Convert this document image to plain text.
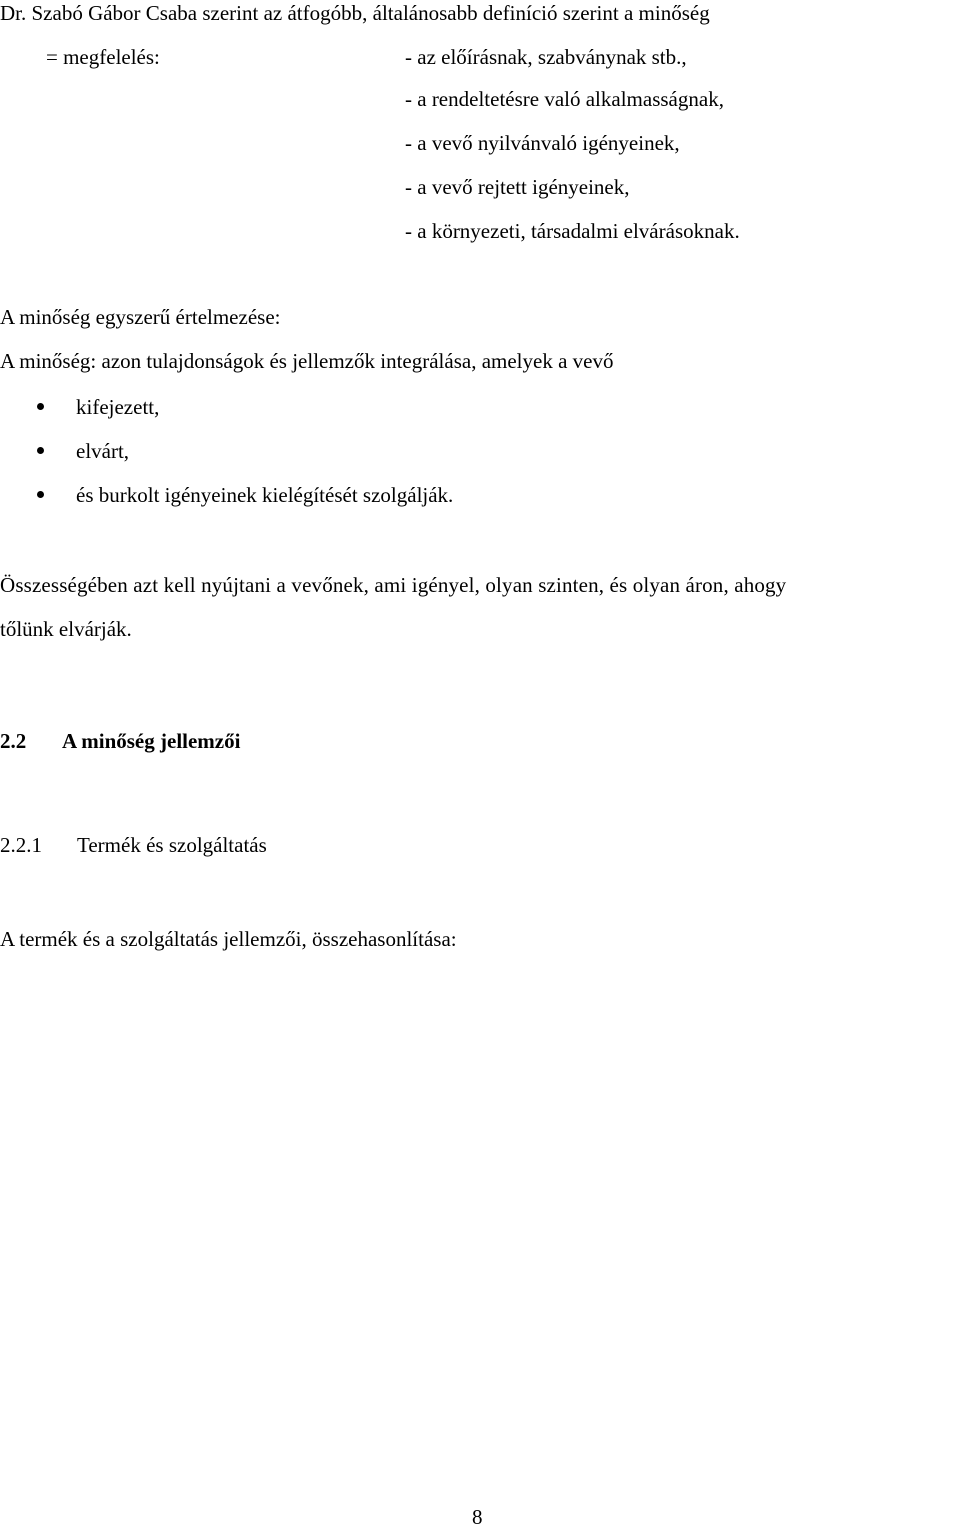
Dr. Szabó Gábor Csaba szerint az átfogóbb, általánosabb definíció szerint a minőség
= megfelelés:	- az előírásnak, szabványnak stb.,
- a rendeltetésre való alkalmasságnak,
- a vevő nyilvánvaló igényeinek,
- a vevő rejtett igényeinek,
- a környezeti, társadalmi elvárásoknak.
A minőség egyszerű értelmezése:
A minőség: azon tulajdonságok és jellemzők integrálása, amelyek a vevő
kifejezett,
elvárt,
és burkolt igényeinek kielégítését szolgálják.
Összességében azt kell nyújtani a vevőnek, ami igényel, olyan szinten, és olyan áron, ahogy
tőlünk elvárják.
2.2 A minőség jellemzői
2.2.1 Termék és szolgáltatás
A termék és a szolgáltatás jellemzői, összehasonlítása:
8
